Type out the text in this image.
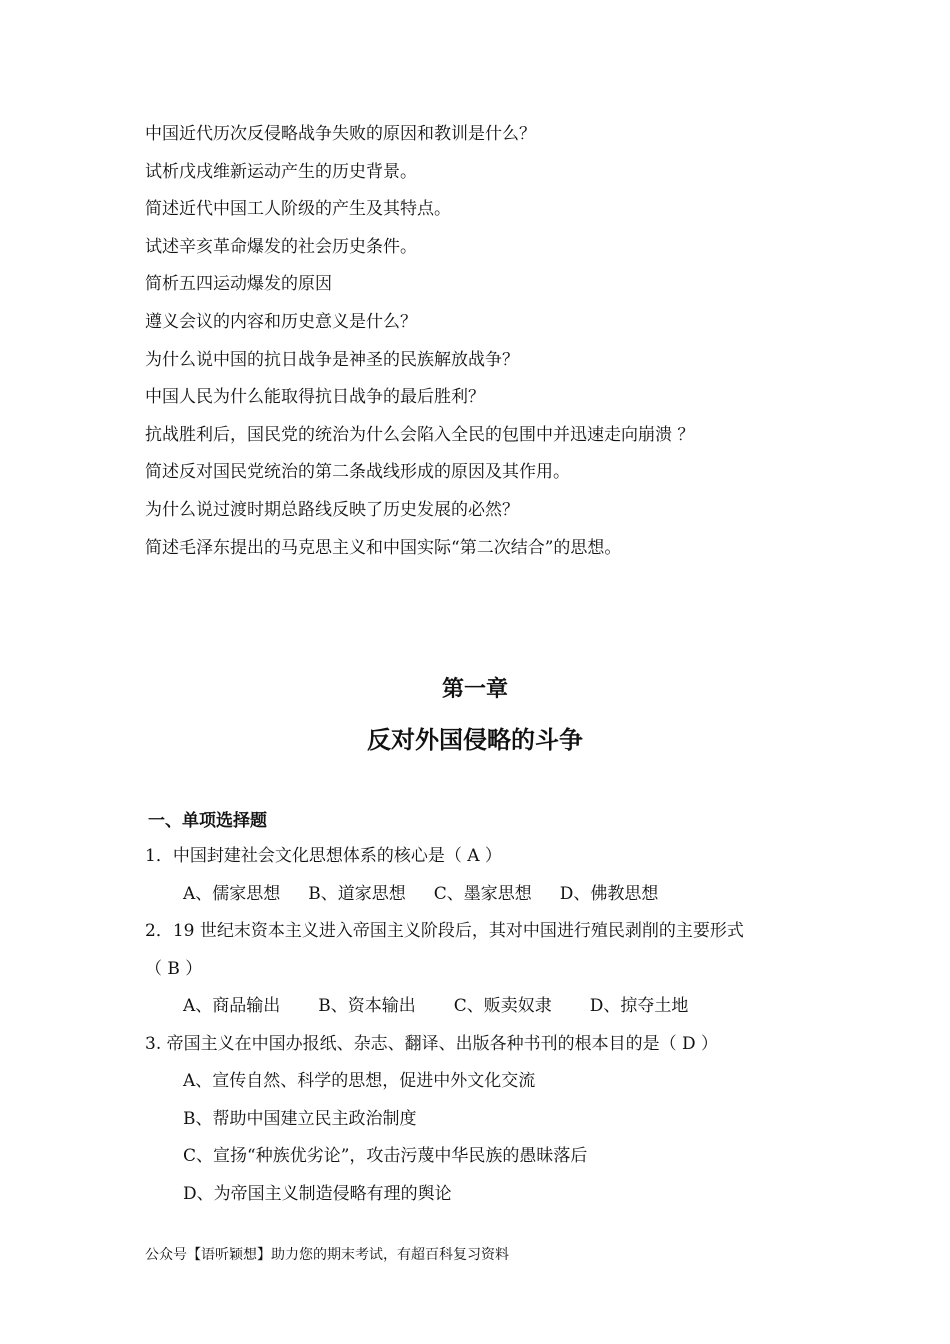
中国近代历次反侵略战争失败的原因和教训是什么？
试析戊戌维新运动产生的历史背景。
简述近代中国工人阶级的产生及其特点。
试述辛亥革命爆发的社会历史条件。
简析五四运动爆发的原因
遵义会议的内容和历史意义是什么？
为什么说中国的抗日战争是神圣的民族解放战争？
中国人民为什么能取得抗日战争的最后胜利？
抗战胜利后，国民党的统治为什么会陷入全民的包围中并迅速走向崩溃 ？
简述反对国民党统治的第二条战线形成的原因及其作用。
为什么说过渡时期总路线反映了历史发展的必然？
简述毛泽东提出的马克思主义和中国实际“第二次结合”的思想。
第一章
反对外国侵略的斗争
一、单项选择题
1．中国封建社会文化思想体系的核心是（ A ）
A、儒家思想 B、道家思想 C、墨家思想 D、佛教思想
2．19 世纪末资本主义进入帝国主义阶段后，其对中国进行殖民剥削的主要形式
（ B ）
A、商品输出 B、资本输出 C、贩卖奴隶 D、掠夺土地
3. 帝国主义在中国办报纸、杂志、翻译、出版各种书刊的根本目的是（ D ）
A、宣传自然、科学的思想，促进中外文化交流
B、帮助中国建立民主政治制度
C、宣扬“种族优劣论”，攻击污蔑中华民族的愚昧落后
D、为帝国主义制造侵略有理的舆论
公众号【语听颖想】助力您的期末考试，有超百科复习资料
